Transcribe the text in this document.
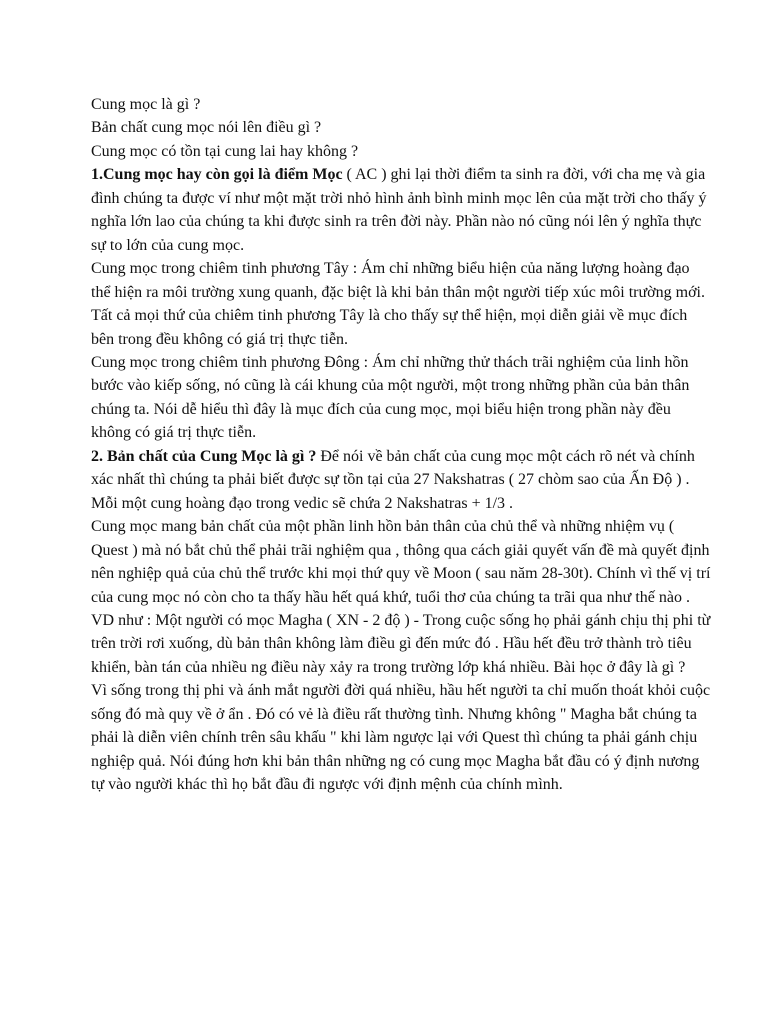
Cung mọc là gì ?

Bản chất cung mọc nói lên điều gì ?

Cung mọc có tồn tại cung lai hay không ?

1.Cung mọc hay còn gọi là điểm Mọc ( AC ) ghi lại thời điểm ta sinh ra đời, với cha mẹ và gia đình chúng ta được ví như một mặt trời nhỏ hình ảnh bình minh mọc lên của mặt trời cho thấy ý nghĩa lớn lao của chúng ta khi được sinh ra trên đời này. Phần nào nó cũng nói lên ý nghĩa thực sự to lớn của cung mọc.

Cung mọc trong chiêm tinh phương Tây : Ám chỉ những biểu hiện của năng lượng hoàng đạo thể hiện ra môi trường xung quanh, đặc biệt là khi bản thân một người tiếp xúc môi trường mới. Tất cả mọi thứ của chiêm tinh phương Tây là cho thấy sự thể hiện, mọi diễn giải về mục đích bên trong đều không có giá trị thực tiễn.

Cung mọc trong chiêm tinh phương Đông : Ám chỉ những thử thách trãi nghiệm của linh hồn bước vào kiếp sống, nó cũng là cái khung của một người, một trong những phần của bản thân chúng ta. Nói dễ hiểu thì đây là mục đích của cung mọc, mọi biểu hiện trong phần này đều không có giá trị thực tiễn.

2. Bản chất của Cung Mọc là gì ? Để nói về bản chất của cung mọc một cách rõ nét và chính xác nhất thì chúng ta phải biết được sự tồn tại của 27 Nakshatras ( 27 chòm sao của Ấn Độ ) . Mỗi một cung hoàng đạo trong vedic sẽ chứa 2 Nakshatras + 1/3 .

Cung mọc mang bản chất của một phần linh hồn bản thân của chủ thể và những nhiệm vụ ( Quest ) mà nó bắt chủ thể phải trãi nghiệm qua , thông qua cách giải quyết vấn đề mà quyết định nên nghiệp quả của chủ thể trước khi mọi thứ quy về Moon ( sau năm 28-30t). Chính vì thế vị trí của cung mọc nó còn cho ta thấy hầu hết quá khứ, tuổi thơ của chúng ta trãi qua như thế nào .

VD như : Một người có mọc Magha ( XN - 2 độ ) - Trong cuộc sống họ phải gánh chịu thị phi từ trên trời rơi xuống, dù bản thân không làm điều gì đến mức đó . Hầu hết đều trở thành trò tiêu khiển, bàn tán của nhiều ng điều này xảy ra trong trường lớp khá nhiều. Bài học ở đây là gì ?

Vì sống trong thị phi và ánh mắt người đời quá nhiều, hầu hết người ta chỉ muốn thoát khỏi cuộc sống đó mà quy về ở ẩn . Đó có vẻ là điều rất thường tình. Nhưng không " Magha bắt chúng ta phải là diễn viên chính trên sâu khấu " khi làm ngược lại với Quest thì chúng ta phải gánh chịu nghiệp quả. Nói đúng hơn khi bản thân những ng có cung mọc Magha bắt đầu có ý định nương tự vào người khác thì họ bắt đầu đi ngược với định mệnh của chính mình.
